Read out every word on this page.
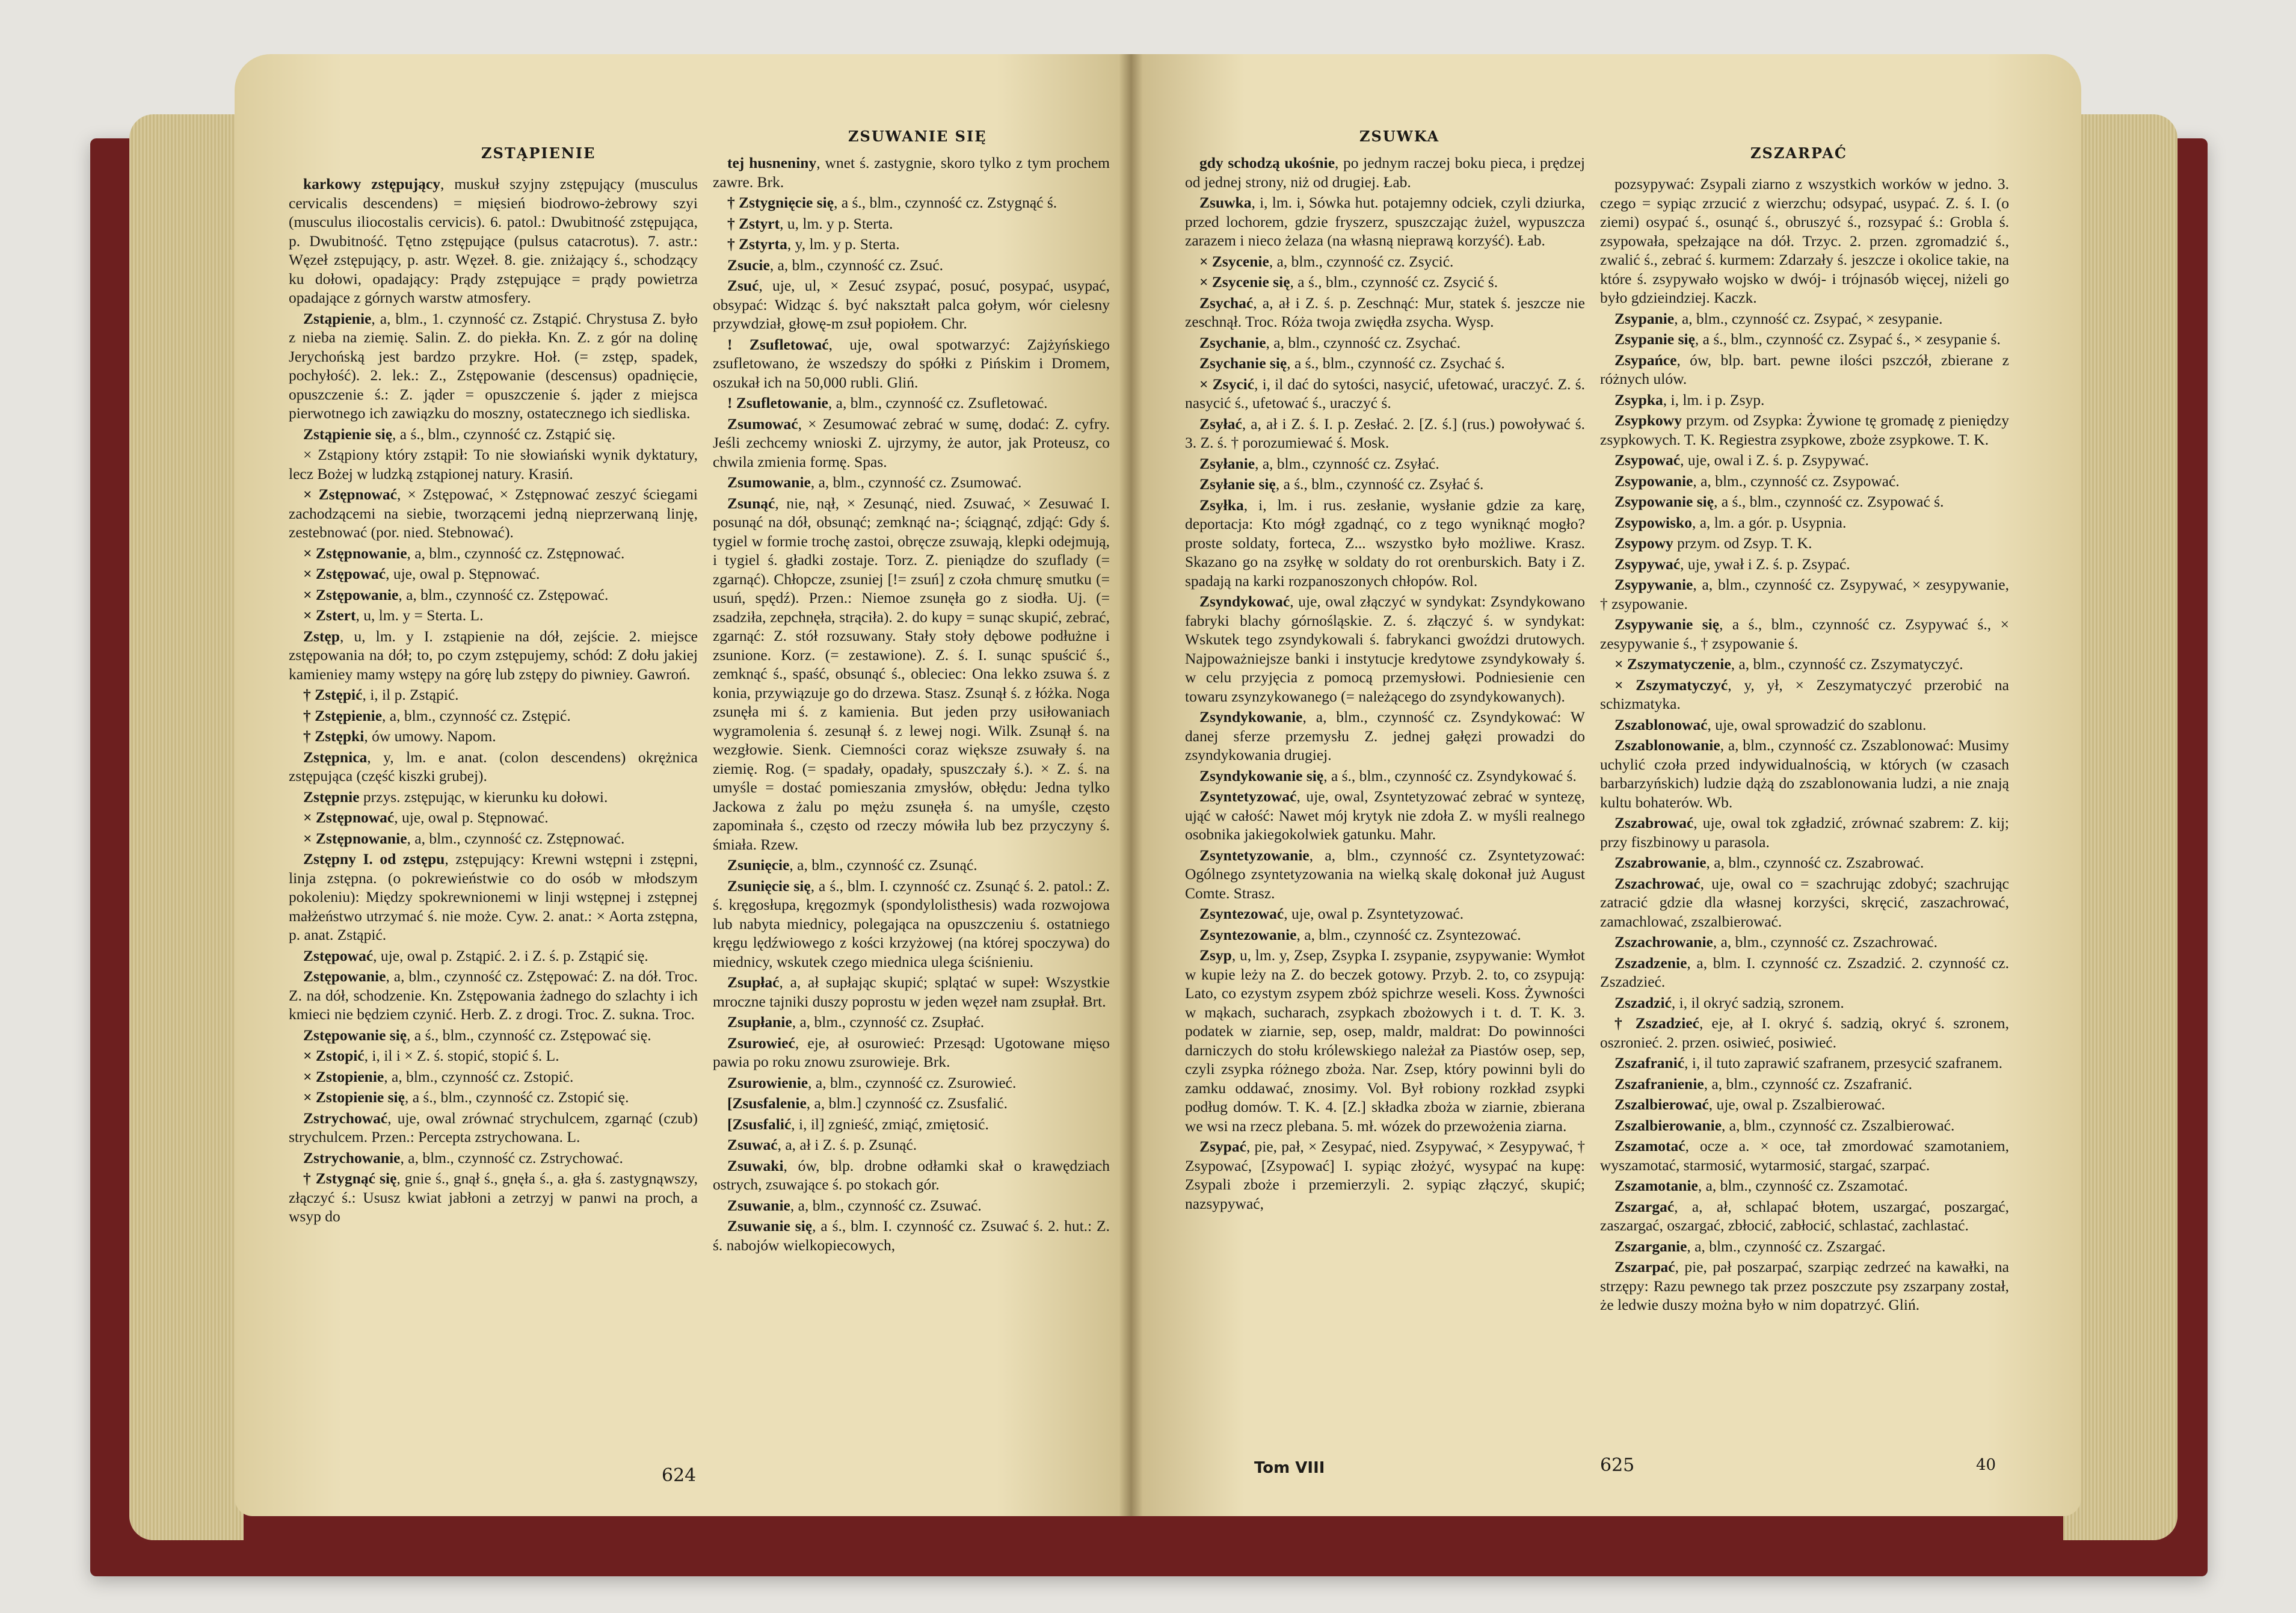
ZSTĄPIENIE
ZSUWANIE SIĘ	ZSUWKA
ZSZARPAĆ

karkowy zstępujący, muskuł szyjny zstępujący (musculus cervicalis descendens) = mięsień biodrowo-żebrowy szyi (musculus iliocostalis cervicis). 6. patol.: Dwubitność zstępująca, p. Dwubitność. Tętno zstępujące (pulsus catacrotus). 7. astr.: Węzeł zstępujący, p. astr. Węzeł. 8. gie. zniżający ś., schodzący ku dołowi, opadający: Prądy zstępujące = prądy powietrza opadające z górnych warstw atmosfery.

Zstąpienie, a, blm., 1. czynność cz. Zstąpić. Chrystusa Z. było z nieba na ziemię. Salin. Z. do piekła. Kn. Z. z gór na dolinę Jerychońską jest bardzo przykre. Hoł. (= zstęp, spadek, pochyłość). 2. lek.: Z., Zstępowanie (descensus) opadnięcie, opuszczenie ś.: Z. jąder = opuszczenie ś. jąder z miejsca pierwotnego ich zawiązku do moszny, ostatecznego ich siedliska.

Zstąpienie się, a ś., blm., czynność cz. Zstąpić się.

× Zstąpiony który zstąpił: To nie słowiański wynik dyktatury, lecz Bożej w ludzką zstąpionej natury. Krasiń.

× Zstępnować, × Zstępować, × Zstępnować zeszyć ściegami zachodzącemi na siebie, tworzącemi jedną nieprzerwaną linję, zestebnować (por. nied. Stebnować).

× Zstępnowanie, a, blm., czynność cz. Zstępnować.

× Zstępować, uje, owal p. Stępnować.

× Zstępowanie, a, blm., czynność cz. Zstępować.

× Zstert, u, lm. y = Sterta. L.

Zstęp, u, lm. y I. zstąpienie na dół, zejście. 2. miejsce zstępowania na dół; to, po czym zstępujemy, schód: Z dołu jakiej kamieniey mamy wstępy na górę lub zstępy do piwniey. Gawroń.

† Zstępić, i, il p. Zstąpić.

† Zstępienie, a, blm., czynność cz. Zstępić.

† Zstępki, ów umowy. Napom.

Zstępnica, y, lm. e anat. (colon descendens) okrężnica zstępująca (część kiszki grubej).

Zstępnie przys. zstępując, w kierunku ku dołowi.

× Zstępnować, uje, owal p. Stępnować.

× Zstępnowanie, a, blm., czynność cz. Zstępnować.

Zstępny I. od zstępu, zstępujący: Krewni wstępni i zstępni, linja zstępna. (o pokrewieństwie co do osób w młodszym pokoleniu): Między spokrewnionemi w linji wstępnej i zstępnej małżeństwo utrzymać ś. nie może. Cyw. 2. anat.: × Aorta zstępna, p. anat. Zstąpić.

Zstępować, uje, owal p. Zstąpić. 2. i Z. ś. p. Zstąpić się.

Zstępowanie, a, blm., czynność cz. Zstępować: Z. na dół. Troc. Z. na dół, schodzenie. Kn. Zstępowania żadnego do szlachty i ich kmieci nie będziem czynić. Herb. Z. z drogi. Troc. Z. sukna. Troc.

Zstępowanie się, a ś., blm., czynność cz. Zstępować się.

× Zstopić, i, il i × Z. ś. stopić, stopić ś. L.

× Zstopienie, a, blm., czynność cz. Zstopić.

× Zstopienie się, a ś., blm., czynność cz. Zstopić się.

Zstrychować, uje, owal zrównać strychulcem, zgarnąć (czub) strychulcem. Przen.: Percepta zstrychowana. L.

Zstrychowanie, a, blm., czynność cz. Zstrychować.

† Zstygnąć się, gnie ś., gnął ś., gnęła ś., a. gła ś. zastygnąwszy, złączyć ś.: Ususz kwiat jabłoni a zetrzyj w panwi na proch, a wsyp do

tej husneniny, wnet ś. zastygnie, skoro tylko z tym prochem zawre. Brk.

† Zstygnięcie się, a ś., blm., czynność cz. Zstygnąć ś.

† Zstyrt, u, lm. y p. Sterta.

† Zstyrta, y, lm. y p. Sterta.

Zsucie, a, blm., czynność cz. Zsuć.

Zsuć, uje, ul, × Zesuć zsypać, posuć, posypać, usypać, obsypać: Widząc ś. być nakształt palca gołym, wór cielesny przywdział, głowę-m zsuł popiołem. Chr.

! Zsufletować, uje, owal spotwarzyć: Zajżyńskiego zsufletowano, że wszedszy do spółki z Pińskim i Dromem, oszukał ich na 50,000 rubli. Gliń.

! Zsufletowanie, a, blm., czynność cz. Zsufletować.

Zsumować, × Zesumować zebrać w sumę, dodać: Z. cyfry. Jeśli zechcemy wnioski Z. ujrzymy, że autor, jak Proteusz, co chwila zmienia formę. Spas.

Zsumowanie, a, blm., czynność cz. Zsumować.

Zsunąć, nie, nął, × Zesunąć, nied. Zsuwać, × Zesuwać I. posunąć na dół, obsunąć; zemknąć na-; ściągnąć, zdjąć: Gdy ś. tygiel w formie trochę zastoi, obręcze zsuwają, klepki odejmują, i tygiel ś. gładki zostaje. Torz. Z. pieniądze do szuflady (= zgarnąć). Chłopcze, zsuniej [!= zsuń] z czoła chmurę smutku (= usuń, spędź). Przen.: Niemoe zsunęła go z siodła. Uj. (= zsadziła, zepchnęła, strąciła). 2. do kupy = sunąc skupić, zebrać, zgarnąć: Z. stół rozsuwany. Stały stoły dębowe podłużne i zsunione. Korz. (= zestawione). Z. ś. I. sunąc spuścić ś., zemknąć ś., spaść, obsunąć ś., obleciec: Ona lekko zsuwa ś. z konia, przywiązuje go do drzewa. Stasz. Zsunął ś. z łóżka. Noga zsunęła mi ś. z kamienia. But jeden przy usiłowaniach wygramolenia ś. zesunął ś. z lewej nogi. Wilk. Zsunął ś. na wezgłowie. Sienk. Ciemności coraz większe zsuwały ś. na ziemię. Rog. (= spadały, opadały, spuszczały ś.). × Z. ś. na umyśle = dostać pomieszania zmysłów, obłędu: Jedna tylko Jackowa z żalu po mężu zsunęła ś. na umyśle, często zapominała ś., często od rzeczy mówiła lub bez przyczyny ś. śmiała. Rzew.

Zsunięcie, a, blm., czynność cz. Zsunąć.

Zsunięcie się, a ś., blm. I. czynność cz. Zsunąć ś. 2. patol.: Z. ś. kręgosłupa, kręgozmyk (spondylolisthesis) wada rozwojowa lub nabyta miednicy, polegająca na opuszczeniu ś. ostatniego kręgu lędźwiowego z kości krzyżowej (na której spoczywa) do miednicy, wskutek czego miednica ulega ściśnieniu.

Zsupłać, a, ał supłając skupić; splątać w supeł: Wszystkie mroczne tajniki duszy poprostu w jeden węzeł nam zsupłał. Brt.

Zsupłanie, a, blm., czynność cz. Zsupłać.

Zsurowieć, eje, ał osurowieć: Przesąd: Ugotowane mięso pawia po roku znowu zsurowieje. Brk.

Zsurowienie, a, blm., czynność cz. Zsurowieć.

[Zsusfalenie, a, blm.] czynność cz. Zsusfalić.

[Zsusfalić, i, il] zgnieść, zmiąć, zmiętosić.

Zsuwać, a, ał i Z. ś. p. Zsunąć.

Zsuwaki, ów, blp. drobne odłamki skał o krawędziach ostrych, zsuwające ś. po stokach gór.

Zsuwanie, a, blm., czynność cz. Zsuwać.

Zsuwanie się, a ś., blm. I. czynność cz. Zsuwać ś. 2. hut.: Z. ś. nabojów wielkopiecowych,

gdy schodzą ukośnie, po jednym raczej boku pieca, i prędzej od jednej strony, niż od drugiej. Łab.

Zsuwka, i, lm. i, Sówka hut. potajemny odciek, czyli dziurka, przed lochorem, gdzie fryszerz, spuszczając żużel, wypuszcza zarazem i nieco żelaza (na własną nieprawą korzyść). Łab.

× Zsycenie, a, blm., czynność cz. Zsycić.

× Zsycenie się, a ś., blm., czynność cz. Zsycić ś.

Zsychać, a, ał i Z. ś. p. Zeschnąć: Mur, statek ś. jeszcze nie zeschnął. Troc. Róża twoja zwiędła zsycha. Wysp.

Zsychanie, a, blm., czynność cz. Zsychać.

Zsychanie się, a ś., blm., czynność cz. Zsychać ś.

× Zsycić, i, il dać do sytości, nasycić, ufetować, uraczyć. Z. ś. nasycić ś., ufetować ś., uraczyć ś.

Zsyłać, a, ał i Z. ś. I. p. Zesłać. 2. [Z. ś.] (rus.) powoływać ś. 3. Z. ś. † porozumiewać ś. Mosk.

Zsyłanie, a, blm., czynność cz. Zsyłać.

Zsyłanie się, a ś., blm., czynność cz. Zsyłać ś.

Zsyłka, i, lm. i rus. zesłanie, wysłanie gdzie za karę, deportacja: Kto mógł zgadnąć, co z tego wyniknąć mogło? proste soldaty, forteca, Z... wszystko było możliwe. Krasz. Skazano go na zsyłkę w soldaty do rot orenburskich. Baty i Z. spadają na karki rozpanoszonych chłopów. Rol.

Zsyndykować, uje, owal złączyć w syndykat: Zsyndykowano fabryki blachy górnośląskie. Z. ś. złączyć ś. w syndykat: Wskutek tego zsyndykowali ś. fabrykanci gwoździ drutowych. Najpoważniejsze banki i instytucje kredytowe zsyndykowały ś. w celu przyjęcia z pomocą przemysłowi. Podniesienie cen towaru zsynzykowanego (= należącego do zsyndykowanych).

Zsyndykowanie, a, blm., czynność cz. Zsyndykować: W danej sferze przemysłu Z. jednej gałęzi prowadzi do zsyndykowania drugiej.

Zsyndykowanie się, a ś., blm., czynność cz. Zsyndykować ś.

Zsyntetyzować, uje, owal, Zsyntetyzować zebrać w syntezę, ująć w całość: Nawet mój krytyk nie zdoła Z. w myśli realnego osobnika jakiegokolwiek gatunku. Mahr.

Zsyntetyzowanie, a, blm., czynność cz. Zsyntetyzować: Ogólnego zsyntetyzowania na wielką skalę dokonał już August Comte. Strasz.

Zsyntezować, uje, owal p. Zsyntetyzować.

Zsyntezowanie, a, blm., czynność cz. Zsyntezować.

Zsyp, u, lm. y, Zsep, Zsypka I. zsypanie, zsypywanie: Wymłot w kupie leży na Z. do beczek gotowy. Przyb. 2. to, co zsypują: Lato, co ezystym zsypem zbóż spichrze weseli. Koss. Żywności w mąkach, sucharach, zsypkach zbożowych i t. d. T. K. 3. podatek w ziarnie, sep, osep, maldr, maldrat: Do powinności darniczych do stołu królewskiego należał za Piastów osep, sep, czyli zsypka różnego zboża. Nar. Zsep, który powinni byli do zamku oddawać, znosimy. Vol. Był robiony rozkład zsypki podług domów. T. K. 4. [Z.] składka zboża w ziarnie, zbierana we wsi na rzecz plebana. 5. mł. wózek do przewożenia ziarna.

Zsypać, pie, pał, × Zesypać, nied. Zsypywać, × Zesypywać, † Zsypować, [Zsypować] I. sypiąc złożyć, wysypać na kupę: Zsypali zboże i przemierzyli. 2. sypiąc złączyć, skupić; nazsypywać,

pozsypywać: Zsypali ziarno z wszystkich worków w jedno. 3. czego = sypiąc zrzucić z wierzchu; odsypać, usypać. Z. ś. I. (o ziemi) osypać ś., osunąć ś., obruszyć ś., rozsypać ś.: Grobla ś. zsypowała, spełzające na dół. Trzyc. 2. przen. zgromadzić ś., zwalić ś., zebrać ś. kurmem: Zdarzały ś. jeszcze i okolice takie, na które ś. zsypywało wojsko w dwój- i trójnasób więcej, niżeli go było gdzieindziej. Kaczk.

Zsypanie, a, blm., czynność cz. Zsypać, × zesypanie.

Zsypanie się, a ś., blm., czynność cz. Zsypać ś., × zesypanie ś.

Zsypańce, ów, blp. bart. pewne ilości pszczół, zbierane z różnych ulów.

Zsypka, i, lm. i p. Zsyp.

Zsypkowy przym. od Zsypka: Żywione tę gromadę z pieniędzy zsypkowych. T. K. Regiestra zsypkowe, zboże zsypkowe. T. K.

Zsypować, uje, owal i Z. ś. p. Zsypywać.

Zsypowanie, a, blm., czynność cz. Zsypować.

Zsypowanie się, a ś., blm., czynność cz. Zsypować ś.

Zsypowisko, a, lm. a gór. p. Usypnia.

Zsypowy przym. od Zsyp. T. K.

Zsypywać, uje, ywał i Z. ś. p. Zsypać.

Zsypywanie, a, blm., czynność cz. Zsypywać, × zesypywanie, † zsypowanie.

Zsypywanie się, a ś., blm., czynność cz. Zsypywać ś., × zesypywanie ś., † zsypowanie ś.

× Zszymatyczenie, a, blm., czynność cz. Zszymatyczyć.

× Zszymatyczyć, y, ył, × Zeszymatyczyć przerobić na schizmatyka.

Zszablonować, uje, owal sprowadzić do szablonu.

Zszablonowanie, a, blm., czynność cz. Zszablonować: Musimy uchylić czoła przed indywidualnością, w których (w czasach barbarzyńskich) ludzie dążą do zszablonowania ludzi, a nie znają kultu bohaterów. Wb.

Zszabrować, uje, owal tok zgładzić, zrównać szabrem: Z. kij; przy fiszbinowy u parasola.

Zszabrowanie, a, blm., czynność cz. Zszabrować.

Zszachrować, uje, owal co = szachrując zdobyć; szachrując zatracić gdzie dla własnej korzyści, skręcić, zaszachrować, zamachlować, zszalbierować.

Zszachrowanie, a, blm., czynność cz. Zszachrować.

Zszadzenie, a, blm. I. czynność cz. Zszadzić. 2. czynność cz. Zszadzieć.

Zszadzić, i, il okryć sadzią, szronem.

† Zszadzieć, eje, ał I. okryć ś. sadzią, okryć ś. szronem, oszronieć. 2. przen. osiwieć, posiwieć.

Zszafranić, i, il tuto zaprawić szafranem, przesycić szafranem.

Zszafranienie, a, blm., czynność cz. Zszafranić.

Zszalbierować, uje, owal p. Zszalbierować.

Zszalbierowanie, a, blm., czynność cz. Zszalbierować.

Zszamotać, ocze a. × oce, tał zmordować szamotaniem, wyszamotać, starmosić, wytarmosić, stargać, szarpać.

Zszamotanie, a, blm., czynność cz. Zszamotać.

Zszargać, a, ał, schlapać błotem, uszargać, poszargać, zaszargać, oszargać, zbłocić, zabłocić, schlastać, zachlastać.

Zszarganie, a, blm., czynność cz. Zszargać.

Zszarpać, pie, pał poszarpać, szarpiąc zedrzeć na kawałki, na strzępy: Razu pewnego tak przez poszczute psy zszarpany został, że ledwie duszy można było w nim dopatrzyć. Gliń.

624	Tom VIII	625	40
